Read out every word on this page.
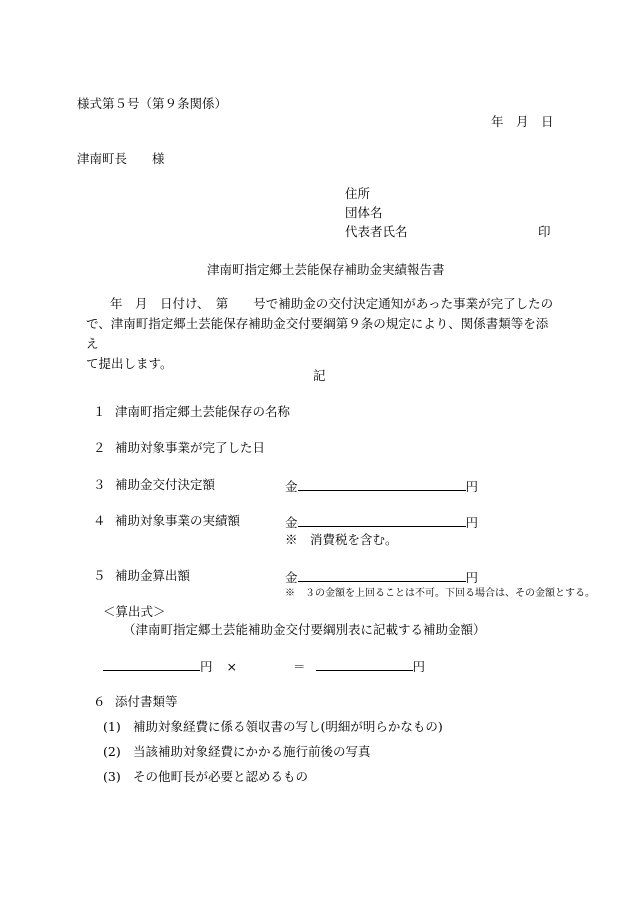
様式第５号（第９条関係）
年　月　日
津南町長　　様
住所
団体名
代表者氏名	印
津南町指定郷土芸能保存補助金実績報告書
年　月　日付け、　第　　号で補助金の交付決定通知があった事業が完了したの
で、津南町指定郷土芸能保存補助金交付要綱第９条の規定により、関係書類等を添え
て提出します。
記
１ 津南町指定郷土芸能保存の名称
２ 補助対象事業が完了した日
３ 補助金交付決定額	金	円
４ 補助対象事業の実績額	金	円
※　消費税を含む。
５ 補助金算出額	金	円
※　３の金額を上回ることは不可。下回る場合は、その金額とする。
＜算出式＞
（津南町指定郷土芸能補助金交付要綱別表に記載する補助金額）
円 ×	＝	円
６ 添付書類等
(1) 補助対象経費に係る領収書の写し(明細が明らかなもの)
(2) 当該補助対象経費にかかる施行前後の写真
(3) その他町長が必要と認めるもの
